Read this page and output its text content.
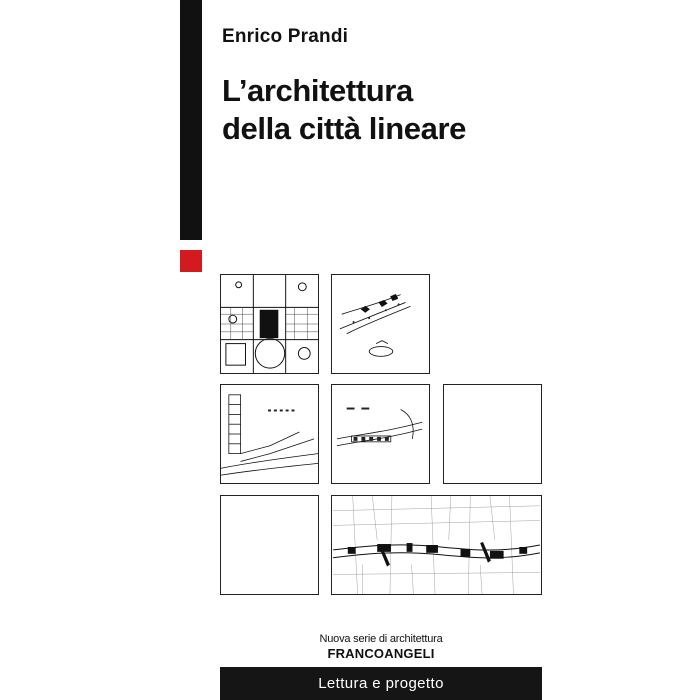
Enrico Prandi
L’architettura
della città lineare
Nuova serie di architettura
FRANCOANGELI
Lettura e progetto
